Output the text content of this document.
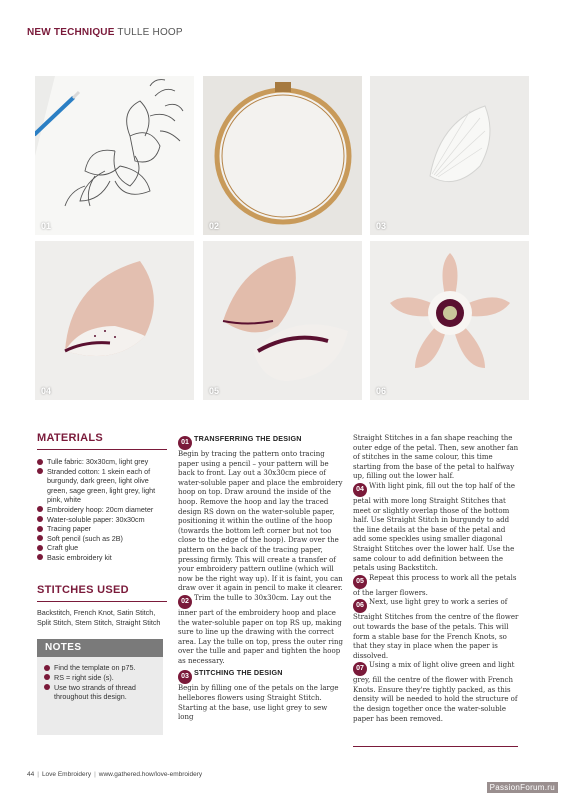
NEW TECHNIQUE TULLE HOOP
01	02	03
04	05	06
MATERIALS
Tulle fabric: 30x30cm, light grey
Stranded cotton: 1 skein each of burgundy, dark green, light olive green, sage green, light grey, light pink, white
Embroidery hoop: 20cm diameter
Water-soluble paper: 30x30cm
Tracing paper
Soft pencil (such as 2B)
Craft glue
Basic embroidery kit
STITCHES USED
Backstitch, French Knot, Satin Stitch, Split Stitch, Stem Stitch, Straight Stitch
NOTES
Find the template on p75.
RS = right side (s).
Use two strands of thread throughout this design.
01 TRANSFERRING THE DESIGN
Begin by tracing the pattern onto tracing paper using a pencil – your pattern will be back to front. Lay out a 30x30cm piece of water-soluble paper and place the embroidery hoop on top. Draw around the inside of the hoop. Remove the hoop and lay the traced design RS down on the water-soluble paper, positioning it within the outline of the hoop (towards the bottom left corner but not too close to the edge of the hoop). Draw over the pattern on the back of the tracing paper, pressing firmly. This will create a transfer of your embroidery pattern outline (which will now be the right way up). If it is faint, you can draw over it again in pencil to make it clearer.
02 Trim the tulle to 30x30cm. Lay out the inner part of the embroidery hoop and place the water-soluble paper on top RS up, making sure to line up the drawing with the correct area. Lay the tulle on top, press the outer ring over the tulle and paper and tighten the hoop as necessary.
03 STITCHING THE DESIGN
Begin by filling one of the petals on the large hellebores flowers using Straight Stitch. Starting at the base, use light grey to sew long
Straight Stitches in a fan shape reaching the outer edge of the petal. Then, sew another fan of stitches in the same colour, this time starting from the base of the petal to halfway up, filling out the lower half.
04 With light pink, fill out the top half of the petal with more long Straight Stitches that meet or slightly overlap those of the bottom half. Use Straight Stitch in burgundy to add the line details at the base of the petal and add some speckles using smaller diagonal Straight Stitches over the lower half. Use the same colour to add definition between the petals using Backstitch.
05 Repeat this process to work all the petals of the larger flowers.
06 Next, use light grey to work a series of Straight Stitches from the centre of the flower out towards the base of the petals. This will form a stable base for the French Knots, so that they stay in place when the paper is dissolved.
07 Using a mix of light olive green and light grey, fill the centre of the flower with French Knots. Ensure they're tightly packed, as this density will be needed to hold the structure of the design together once the water-soluble paper has been removed.
44 | Love Embroidery | www.gathered.how/love-embroidery
PassionForum.ru
